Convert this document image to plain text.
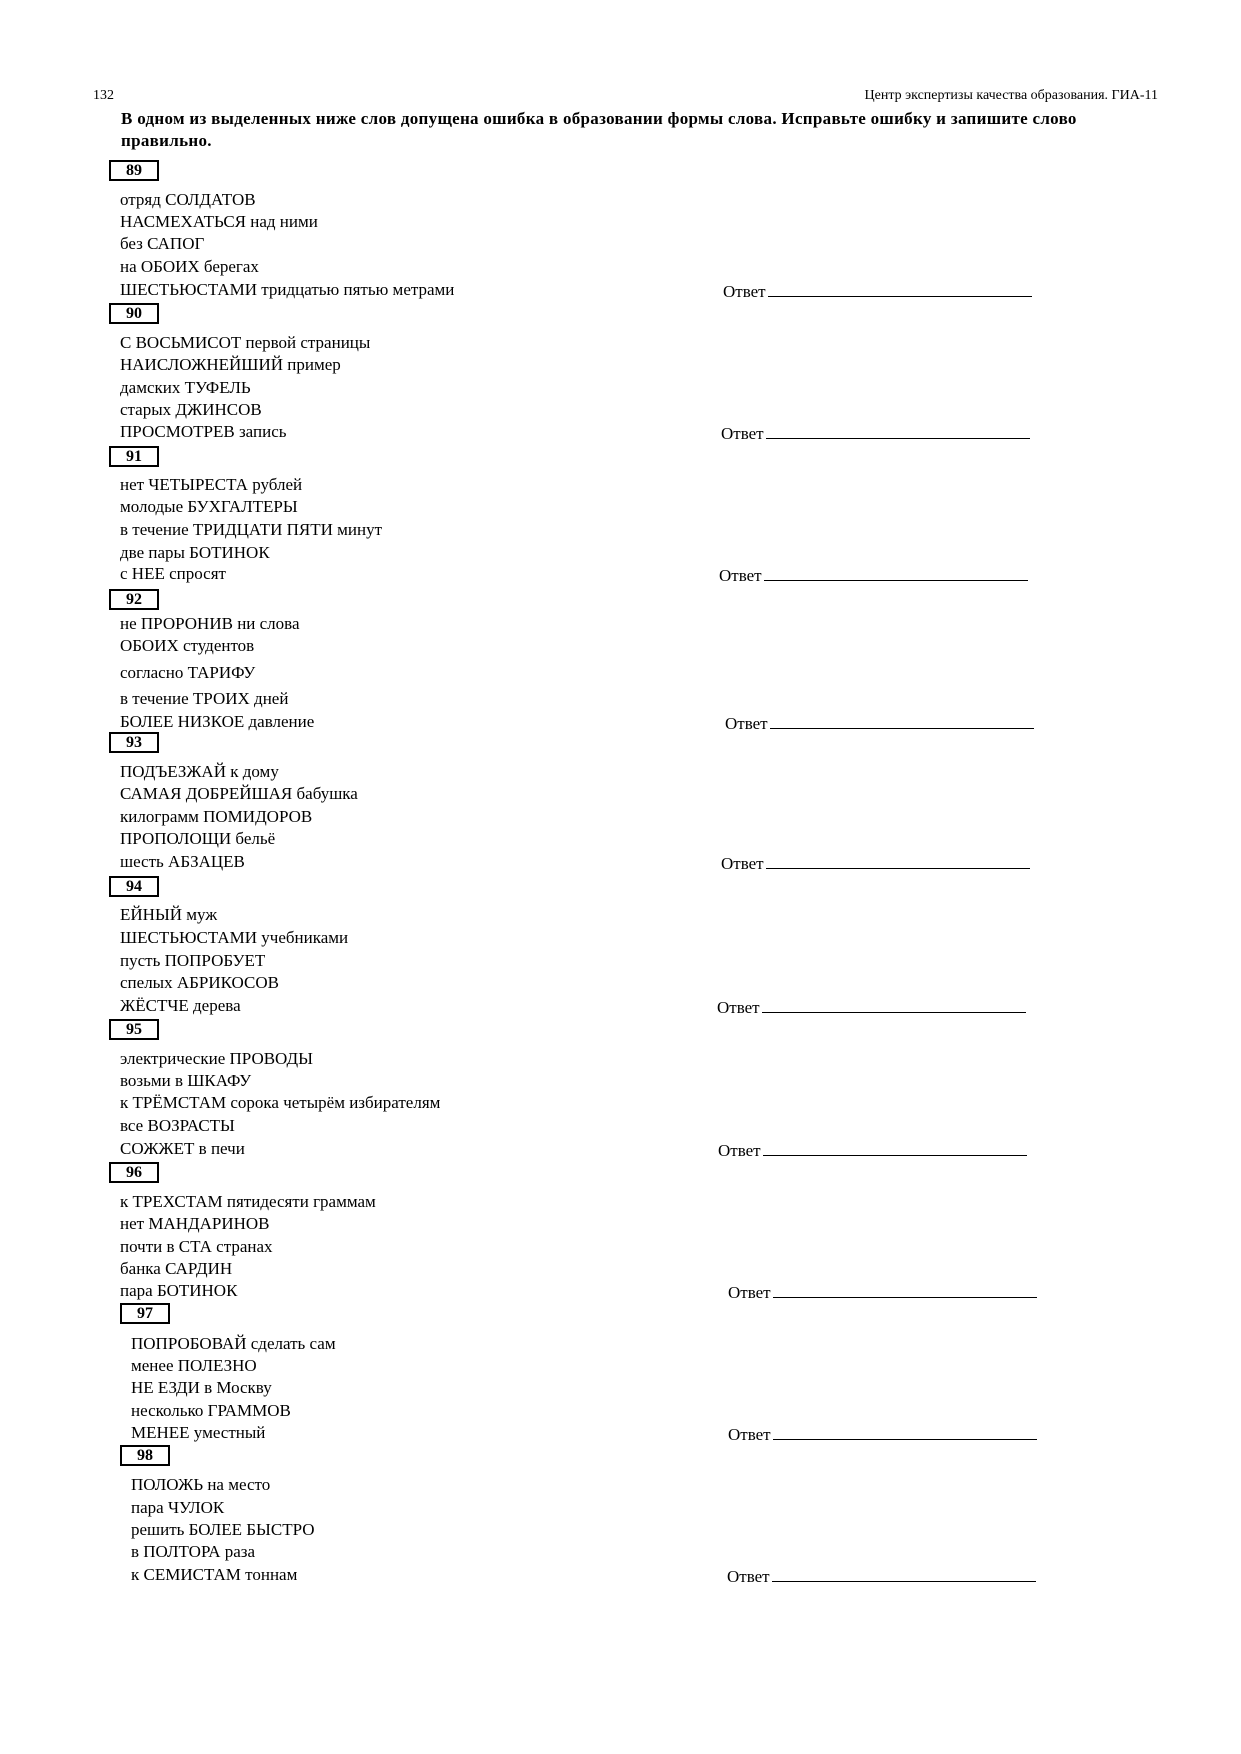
132	Центр экспертизы качества образования. ГИА-11
В одном из выделенных ниже слов допущена ошибка в образовании формы слова. Исправьте ошибку и запишите слово правильно.
89
отряд СОЛДАТОВ
НАСМЕХАТЬСЯ над ними
без САПОГ
на ОБОИХ берегах
ШЕСТЬЮСТАМИ тридцатью пятью метрами	Ответ
90
С ВОСЬМИСОТ первой страницы
НАИСЛОЖНЕЙШИЙ пример
дамских ТУФЕЛЬ
старых ДЖИНСОВ
ПРОСМОТРЕВ запись	Ответ
91
нет ЧЕТЫРЕСТА рублей
молодые БУХГАЛТЕРЫ
в течение ТРИДЦАТИ ПЯТИ минут
две пары БОТИНОК
с НЕЕ спросят	Ответ
92
не ПРОРОНИВ ни слова
ОБОИХ студентов
согласно ТАРИФУ
в течение ТРОИХ дней
БОЛЕЕ НИЗКОЕ давление	Ответ
93
ПОДЪЕЗЖАЙ к дому
САМАЯ ДОБРЕЙШАЯ бабушка
килограмм ПОМИДОРОВ
ПРОПОЛОЩИ бельё
шесть АБЗАЦЕВ	Ответ
94
ЕЙНЫЙ муж
ШЕСТЬЮСТАМИ учебниками
пусть ПОПРОБУЕТ
спелых АБРИКОСОВ
ЖЁСТЧЕ дерева	Ответ
95
электрические ПРОВОДЫ
возьми в ШКАФУ
к ТРЁМСТАМ сорока четырём избирателям
все ВОЗРАСТЫ
СОЖЖЕТ в печи	Ответ
96
к ТРЕХСТАМ пятидесяти граммам
нет МАНДАРИНОВ
почти в СТА странах
банка САРДИН
пара БОТИНОК	Ответ
97
ПОПРОБОВАЙ сделать сам
менее ПОЛЕЗНО
НЕ ЕЗДИ в Москву
несколько ГРАММОВ
МЕНЕЕ уместный	Ответ
98
ПОЛОЖЬ на место
пара ЧУЛОК
решить БОЛЕЕ БЫСТРО
в ПОЛТОРА раза
к СЕМИСТАМ тоннам	Ответ
